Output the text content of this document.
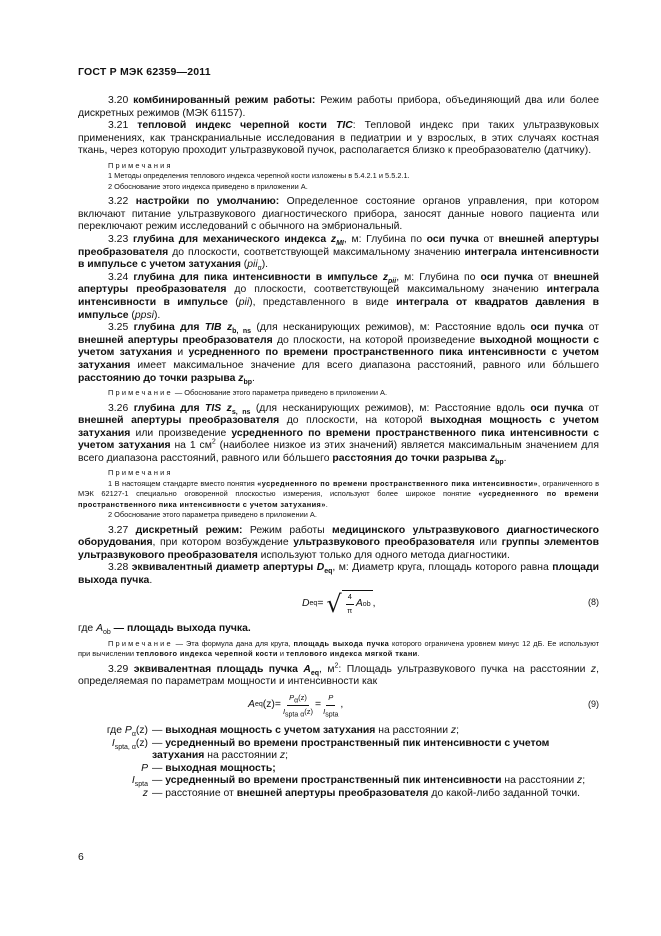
ГОСТ Р МЭК 62359—2011

3.20 комбинированный режим работы: Режим работы прибора, объединяющий два или более дискретных режимов (МЭК 61157).

3.21 тепловой индекс черепной кости TIC: Тепловой индекс при таких ультразвуковых применениях, как транскраниальные исследования в педиатрии и у взрослых, в этих случаях костная ткань, через которую проходит ультразвуковой пучок, располагается близко к преобразователю (датчику).

Примечания

1 Методы определения теплового индекса черепной кости изложены в 5.4.2.1 и 5.5.2.1.

2 Обоснование этого индекса приведено в приложении А.

3.22 настройки по умолчанию: Определенное состояние органов управления, при котором включают питание ультразвукового диагностического прибора, заносят данные нового пациента или переключают режим исследований с обычного на эмбриональный.

3.23 глубина для механического индекса $z_{MI}$, м: Глубина по оси пучка от внешней апертуры преобразователя до плоскости, соответствующей максимальному значению интеграла интенсивности в импульсе с учетом затухания (pii$_\alpha$).

3.24 глубина для пика интенсивности в импульсе $z_{pii}$, м: Глубина по оси пучка от внешней апертуры преобразователя до плоскости, соответствующей максимальному значению интеграла интенсивности в импульсе (pii), представленного в виде интеграла от квадратов давления в импульсе (ppsi).

3.25 глубина для TIB $z_{b, ns}$ (для несканирующих режимов), м: Расстояние вдоль оси пучка от внешней апертуры преобразователя до плоскости, на которой произведение выходной мощности с учетом затухания и усредненного по времени пространственного пика интенсивности с учетом затухания имеет максимальное значение для всего диапазона расстояний, равного или бóльшего расстоянию до точки разрыва $z_{bp}$.

Примечание — Обоснование этого параметра приведено в приложении А.

3.26 глубина для TIS $z_{s, ns}$ (для несканирующих режимов), м: Расстояние вдоль оси пучка от внешней апертуры преобразователя до плоскости, на которой выходная мощность с учетом затухания или произведение усредненного по времени пространственного пика интенсивности с учетом затухания на 1 $см^2$ (наиболее низкое из этих значений) является максимальным значением для всего диапазона расстояний, равного или бóльшего расстояния до точки разрыва $z_{bp}$.

Примечания

1 В настоящем стандарте вместо понятия «усредненного по времени пространственного пика интенсивности», ограниченного в МЭК 62127-1 специально оговоренной плоскостью измерения, используют более широкое понятие «усредненного по времени пространственного пика интенсивности с учетом затухания».

2 Обоснование этого параметра приведено в приложении А.

3.27 дискретный режим: Режим работы медицинского ультразвукового диагностического оборудования, при котором возбуждение ультразвукового преобразователя или группы элементов ультразвукового преобразователя используют только для одного метода диагностики.

3.28 эквивалентный диаметр апертуры $D_{eq}$, м: Диаметр круга, площадь которого равна площади выхода пучка.

D eq = √ $\frac{4}{\pi}$ A ob ,	(8)

где $A_{ob}$ — площадь выхода пучка.

Примечание — Эта формула дана для круга, площадь выхода пучка которого ограничена уровнем минус 12 дБ. Ее используют при вычислении теплового индекса черепной кости и теплового индекса мягкой ткани.

3.29 эквивалентная площадь пучка $A_{eq}$, $м^2$: Площадь ультразвукового пучка на расстоянии z, определяемая по параметрам мощности и интенсивности как

A eq $(z) = \frac{P_\alpha(z)}{I_{spta \alpha}(z)} = \frac{P}{I_{spta}}$ ,	(9)
где $P_\alpha(z)$ — выходная мощность с учетом затухания на расстоянии z;
$I_{spta, \alpha}(z)$ — усредненный во времени пространственный пик интенсивности с учетом затухания на расстоянии z;
P — выходная мощность;
$I_{spta}$ — усредненный во времени пространственный пик интенсивности на расстоянии z;
z — расстояние от внешней апертуры преобразователя до какой-либо заданной точки.
6
